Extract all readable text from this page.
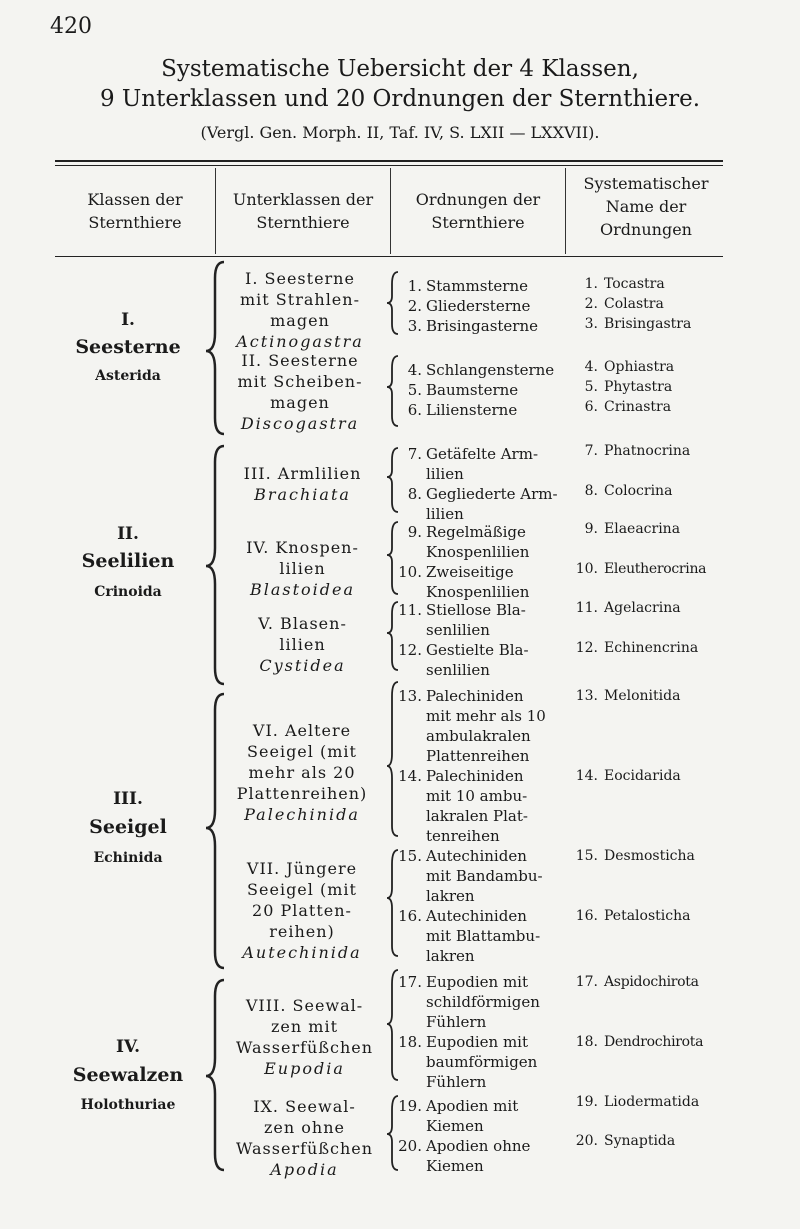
420
Systematische Uebersicht der 4 Klassen,
9 Unterklassen und 20 Ordnungen der Sternthiere.
(Vergl. Gen. Morph. II, Taf. IV, S. LXII — LXXVII).
Klassen der
Sternthiere
Unterklassen der
Sternthiere
Ordnungen der
Sternthiere
Systematischer
Name der
Ordnungen
I.
Seesterne
Asterida
II.
Seelilien
Crinoida
III.
Seeigel
Echinida
IV.
Seewalzen
Holothuriae
I. Seesterne
mit Strahlen-
magen
Actinogastra
II. Seesterne
mit Scheiben-
magen
Discogastra
III. Armlilien
Brachiata
IV. Knospen-
lilien
Blastoidea
V. Blasen-
lilien
Cystidea
VI. Aeltere
Seeigel (mit
mehr als 20
Plattenreihen)
Palechinida
VII. Jüngere
Seeigel (mit
20 Platten-
reihen)
Autechinida
VIII. Seewal-
zen mit
Wasserfüßchen
Eupodia
IX. Seewal-
zen ohne
Wasserfüßchen
Apodia
1. Stammsterne
2. Gliedersterne
3. Brisingasterne
4. Schlangensterne
5. Baumsterne
6. Liliensterne
7. Getäfelte Arm-
lilien
8. Gegliederte Arm-
lilien
9. Regelmäßige
Knospenlilien
10. Zweiseitige
Knospenlilien
11. Stiellose Bla-
senlilien
12. Gestielte Bla-
senlilien
13. Palechiniden
mit mehr als 10
ambulakralen
Plattenreihen
14. Palechiniden
mit 10 ambu-
lakralen Plat-
tenreihen
15. Autechiniden
mit Bandambu-
lakren
16. Autechiniden
mit Blattambu-
lakren
17. Eupodien mit
schildförmigen
Fühlern
18. Eupodien mit
baumförmigen
Fühlern
19. Apodien mit
Kiemen
20. Apodien ohne
Kiemen
1. Tocastra
2. Colastra
3. Brisingastra
4. Ophiastra
5. Phytastra
6. Crinastra
7. Phatnocrina
8. Colocrina
9. Elaeacrina
10. Eleutherocrina
11. Agelacrina
12. Echinencrina
13. Melonitida
14. Eocidarida
15. Desmosticha
16. Petalosticha
17. Aspidochirota
18. Dendrochirota
19. Liodermatida
20. Synaptida
